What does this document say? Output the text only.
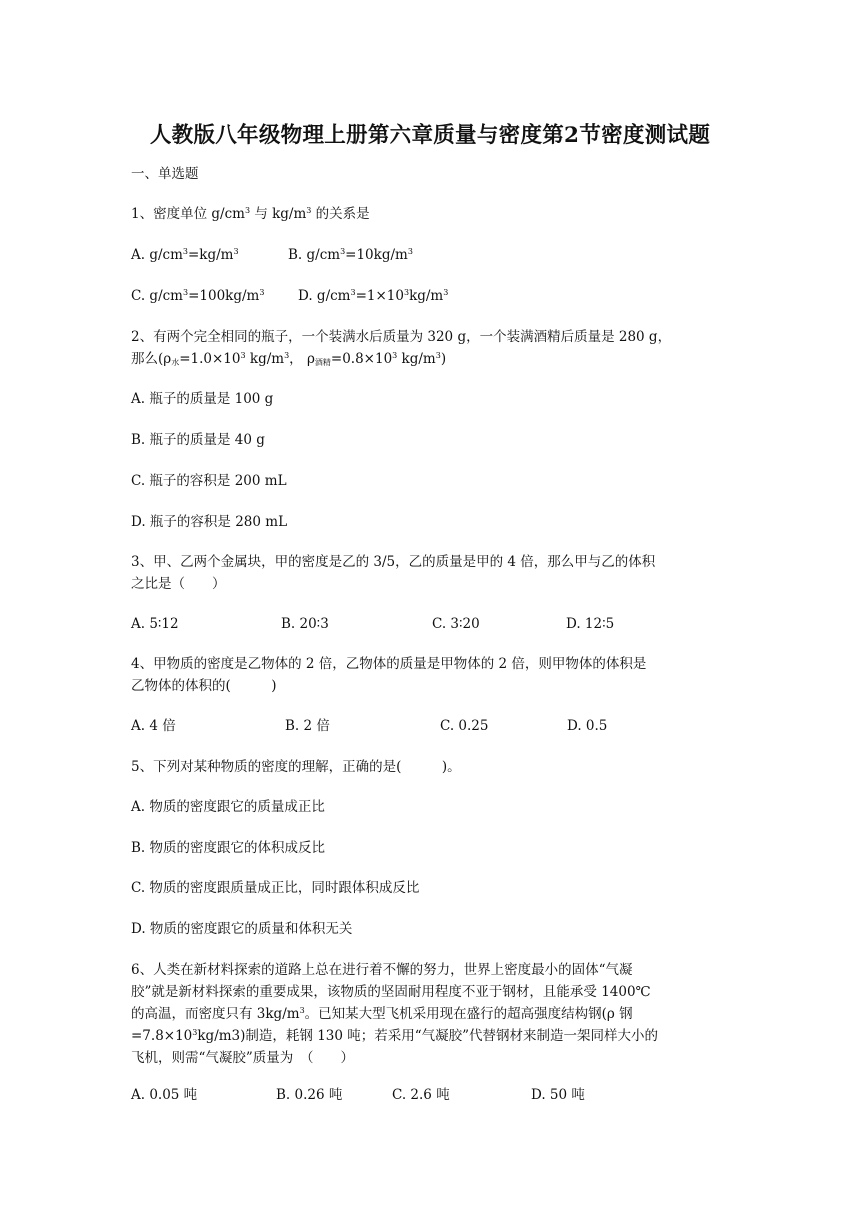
人教版八年级物理上册第六章质量与密度第2节密度测试题
一、单选题
1、密度单位 $g/cm^3$ 与 $kg/m^3$ 的关系是
A. $g/cm^3=kg/m^3$	B. $g/cm^3=10kg/m^3$
C. $g/cm^3=100kg/m^3$ D. $g/cm^3=1\times 10^3kg/m^3$
2、有两个完全相同的瓶子，一个装满水后质量为 320 g，一个装满酒精后质量是 280 g，
那么($\rho_水=1.0\times 10^3$ $kg/m^3$， $\rho_{酒精}=0.8\times 10^3$ $kg/m^3$)
A. 瓶子的质量是 100 g
B. 瓶子的质量是 40 g
C. 瓶子的容积是 200 mL
D. 瓶子的容积是 280 mL
3、甲、乙两个金属块，甲的密度是乙的 3/5，乙的质量是甲的 4 倍，那么甲与乙的体积
之比是（　　）
A. 5∶12	B. 20∶3	C. 3∶20	D. 12∶5
4、甲物质的密度是乙物体的 2 倍，乙物体的质量是甲物体的 2 倍，则甲物体的体积是
乙物体的体积的(　　　)
A. 4 倍	B. 2 倍	C. 0.25	D. 0.5
5、下列对某种物质的密度的理解，正确的是(　　　)。
A. 物质的密度跟它的质量成正比
B. 物质的密度跟它的体积成反比
C. 物质的密度跟质量成正比，同时跟体积成反比
D. 物质的密度跟它的质量和体积无关
6、人类在新材料探索的道路上总在进行着不懈的努力，世界上密度最小的固体“气凝
胶”就是新材料探索的重要成果，该物质的坚固耐用程度不亚于钢材，且能承受 1400℃
的高温，而密度只有 $3kg/m^3$。已知某大型飞机采用现在盛行的超高强度结构钢(ρ 钢
$=7.8\times 10^3kg/m3$)制造，耗钢 130 吨；若采用“气凝胶”代替钢材来制造一架同样大小的
飞机，则需“气凝胶”质量为　（　　）
A. 0.05 吨	B. 0.26 吨	C. 2.6 吨	D. 50 吨
